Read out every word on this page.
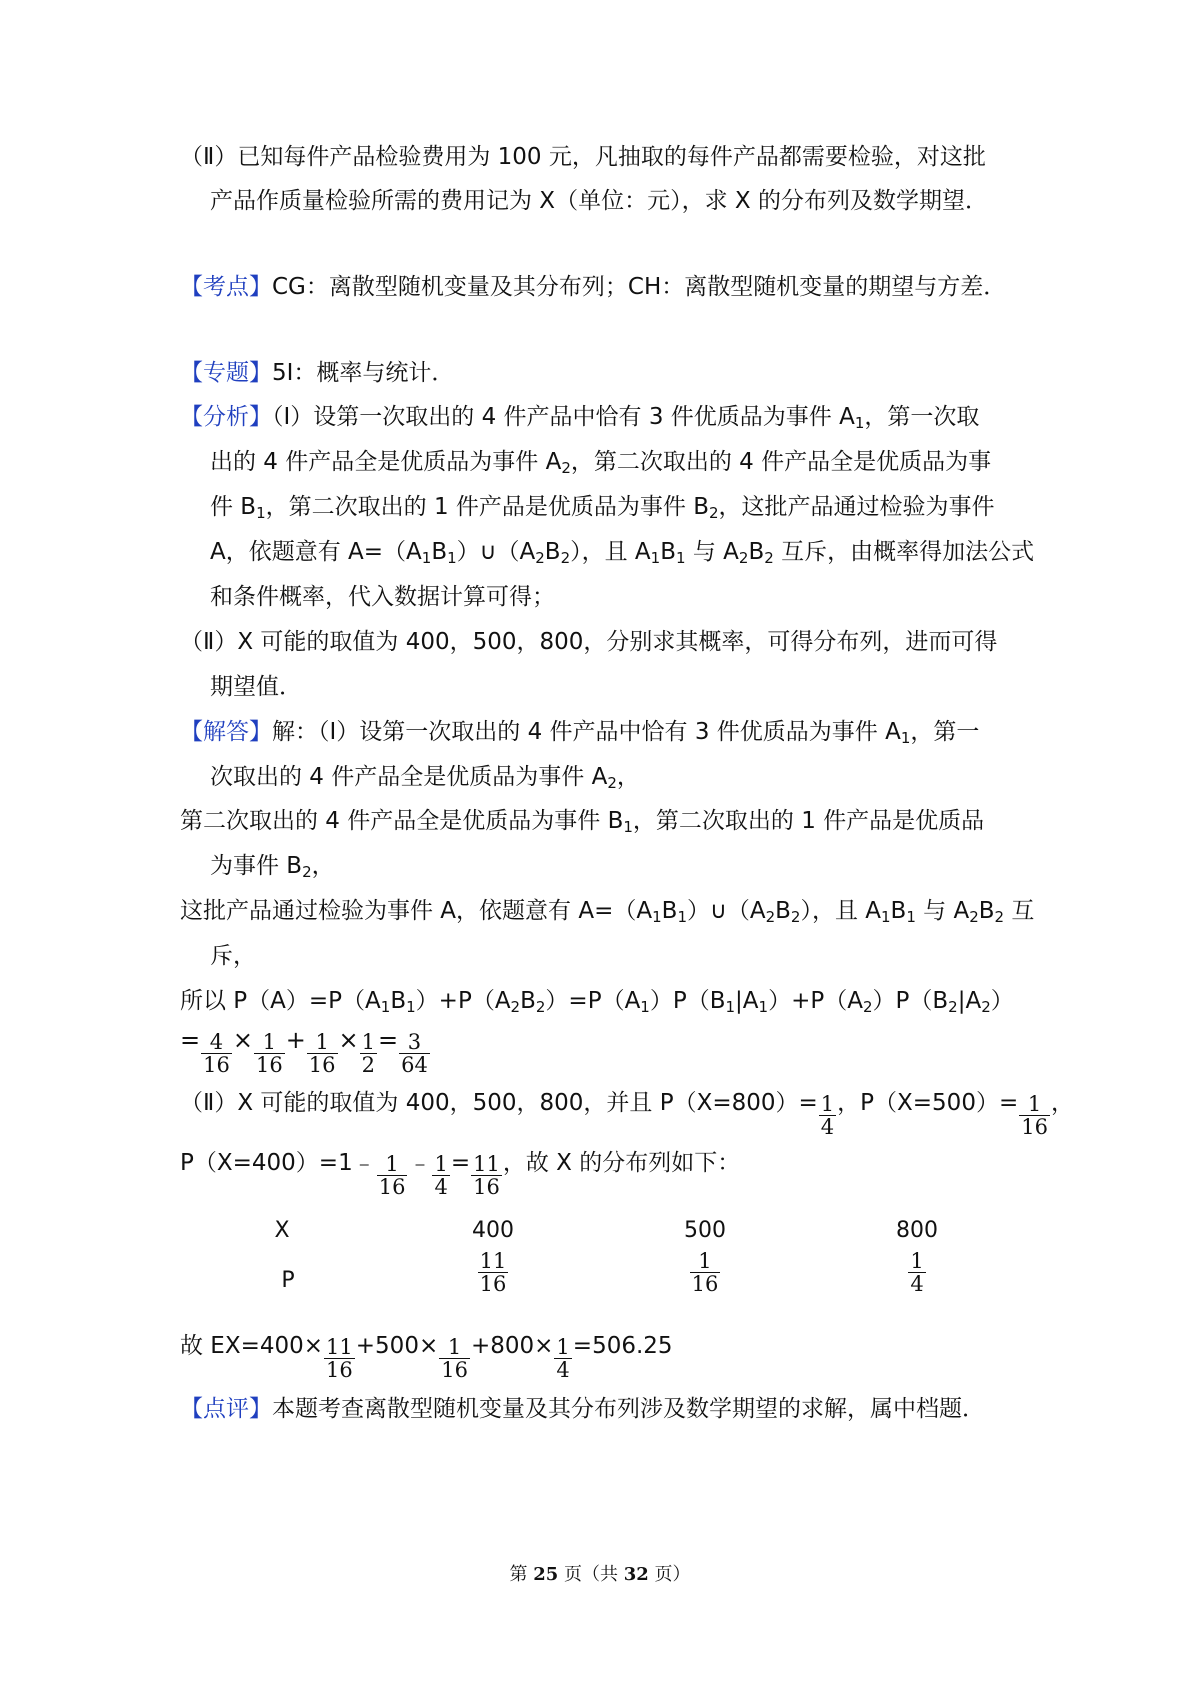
（Ⅱ）已知每件产品检验费用为 100 元，凡抽取的每件产品都需要检验，对这批
产品作质量检验所需的费用记为 X（单位：元），求 X 的分布列及数学期望．
【考点】CG：离散型随机变量及其分布列；CH：离散型随机变量的期望与方差．
【专题】5I：概率与统计．
【分析】（Ⅰ）设第一次取出的 4 件产品中恰有 3 件优质品为事件 $A_1$，第一次取
出的 4 件产品全是优质品为事件 $A_2$，第二次取出的 4 件产品全是优质品为事
件 $B_1$，第二次取出的 1 件产品是优质品为事件 $B_2$，这批产品通过检验为事件
A，依题意有 $A=(A_1B_1)\cup(A_2B_2)$，且 $A_1B_1$ 与 $A_2B_2$ 互斥，由概率得加法公式
和条件概率，代入数据计算可得；
（Ⅱ）X 可能的取值为 400，500，800，分别求其概率，可得分布列，进而可得
期望值．
【解答】解：（Ⅰ）设第一次取出的 4 件产品中恰有 3 件优质品为事件 $A_1$，第一
次取出的 4 件产品全是优质品为事件 $A_2$，
第二次取出的 4 件产品全是优质品为事件 $B_1$，第二次取出的 1 件产品是优质品
为事件 $B_2$，
这批产品通过检验为事件 A，依题意有 $A=(A_1B_1)\cup(A_2B_2)$，且 $A_1B_1$ 与 $A_2B_2$ 互
斥，
所以 $P(A)=P(A_1B_1)+P(A_2B_2)=P(A_1)P(B_1|A_1)+P(A_2)P(B_2|A_2)$
= $\frac{4}{16} \times \frac{1}{16} + \frac{1}{16} \times \frac{1}{2} = \frac{3}{64}$
（Ⅱ）X 可能的取值为 400，500，800，并且 $P(X=800)= \frac{1}{4}$ ，$P(X=500)= \frac{1}{16}$ ，
P（X=400）=1﹣ $\frac{1}{16}$ ﹣ $\frac{1}{4} = \frac{11}{16}$ ，故 X 的分布列如下：
X	400	500	800
P	$\frac{11}{16}$	$\frac{1}{16}$	$\frac{1}{4}$
故 $EX=400\times \frac{11}{16} +500\times \frac{1}{16} +800\times \frac{1}{4} =506.25$
【点评】本题考查离散型随机变量及其分布列涉及数学期望的求解，属中档题．
第 25 页（共 32 页）
